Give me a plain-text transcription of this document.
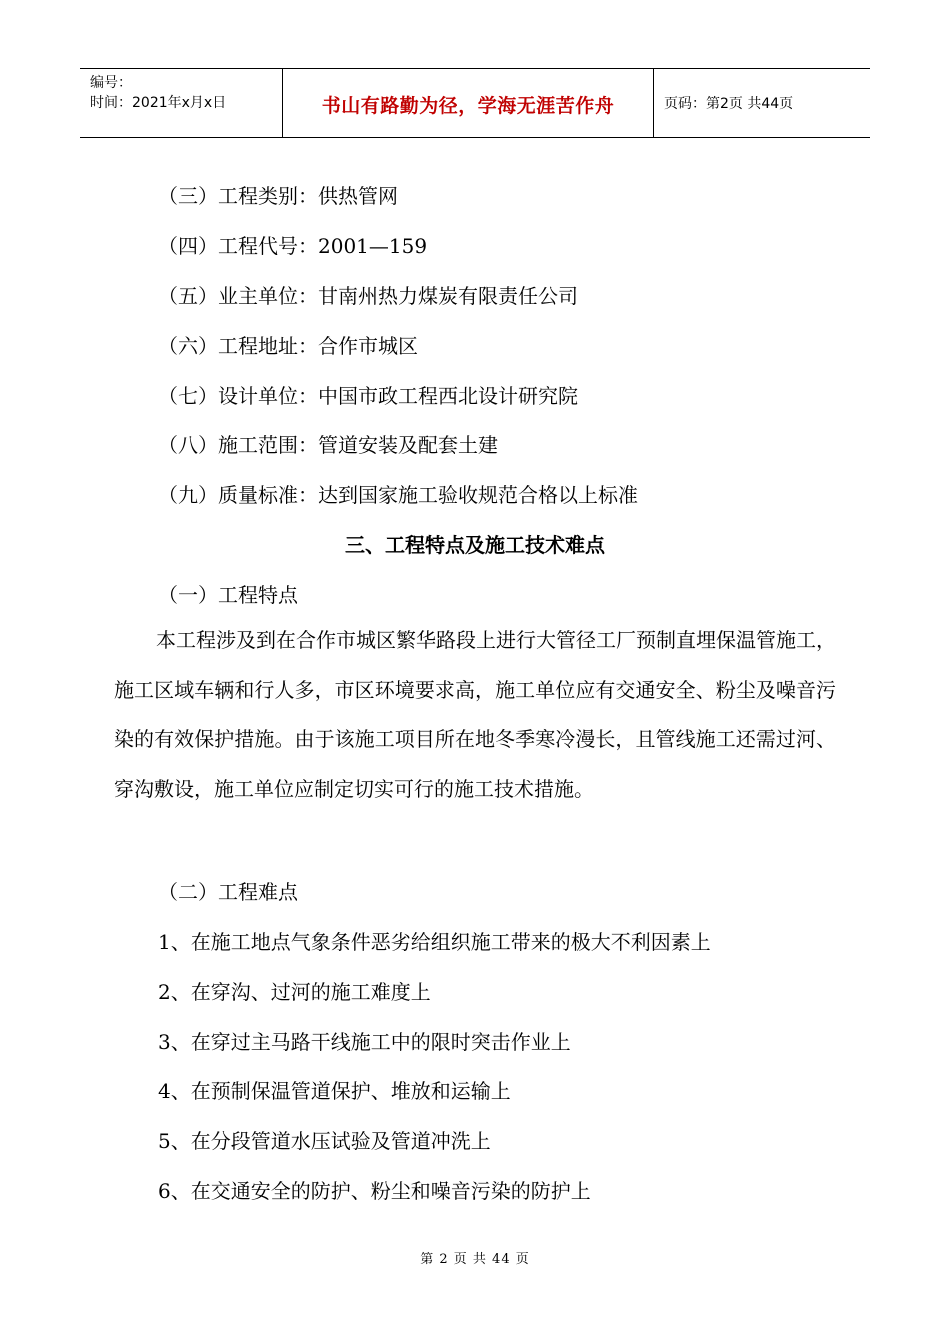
编号：
时间：2021年x月x日	书山有路勤为径，学海无涯苦作舟	页码：第2页 共44页
（三）工程类别：供热管网
（四）工程代号：2001—159
（五）业主单位：甘南州热力煤炭有限责任公司
（六）工程地址：合作市城区
（七）设计单位：中国市政工程西北设计研究院
（八）施工范围：管道安装及配套土建
（九）质量标准：达到国家施工验收规范合格以上标准
三、工程特点及施工技术难点
（一）工程特点
本工程涉及到在合作市城区繁华路段上进行大管径工厂预制直埋保温管施工，施工区域车辆和行人多，市区环境要求高，施工单位应有交通安全、粉尘及噪音污染的有效保护措施。由于该施工项目所在地冬季寒冷漫长，且管线施工还需过河、穿沟敷设，施工单位应制定切实可行的施工技术措施。
（二）工程难点
1、在施工地点气象条件恶劣给组织施工带来的极大不利因素上
2、在穿沟、过河的施工难度上
3、在穿过主马路干线施工中的限时突击作业上
4、在预制保温管道保护、堆放和运输上
5、在分段管道水压试验及管道冲洗上
6、在交通安全的防护、粉尘和噪音污染的防护上
第 2 页 共 44 页
